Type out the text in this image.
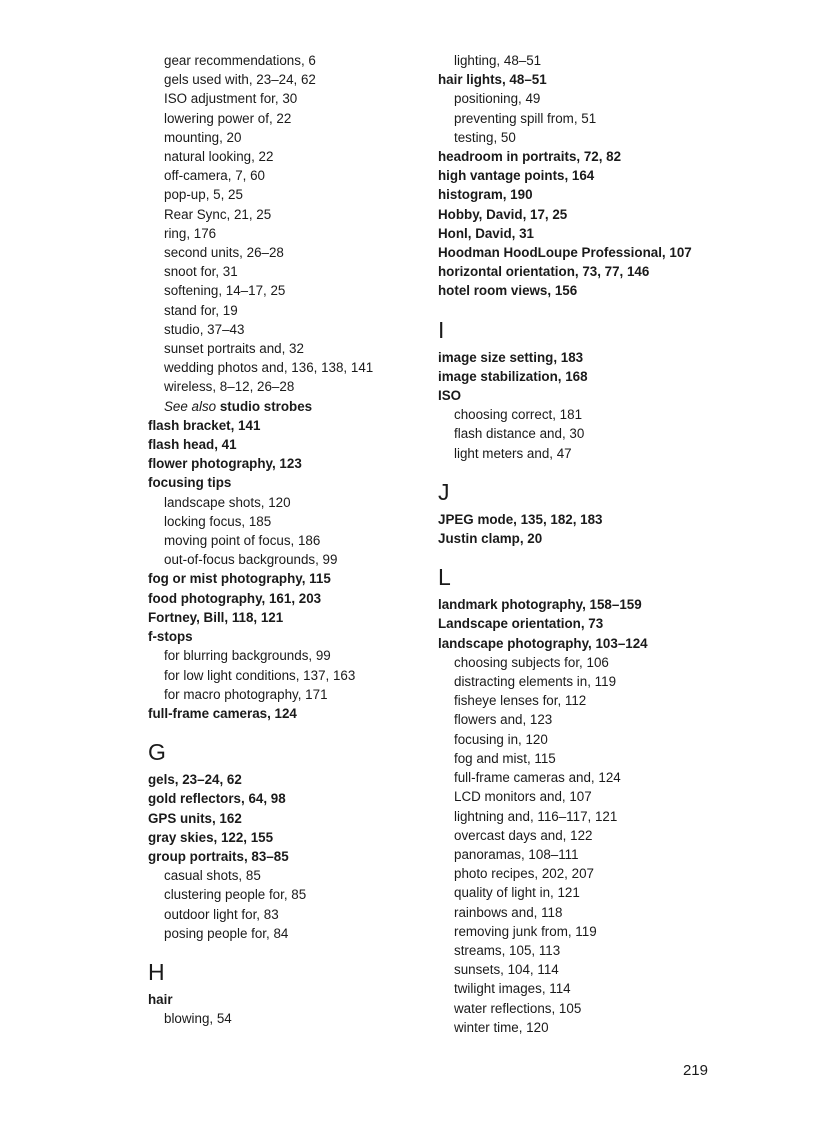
gear recommendations, 6
gels used with, 23–24, 62
ISO adjustment for, 30
lowering power of, 22
mounting, 20
natural looking, 22
off-camera, 7, 60
pop-up, 5, 25
Rear Sync, 21, 25
ring, 176
second units, 26–28
snoot for, 31
softening, 14–17, 25
stand for, 19
studio, 37–43
sunset portraits and, 32
wedding photos and, 136, 138, 141
wireless, 8–12, 26–28
See also studio strobes
flash bracket, 141
flash head, 41
flower photography, 123
focusing tips
landscape shots, 120
locking focus, 185
moving point of focus, 186
out-of-focus backgrounds, 99
fog or mist photography, 115
food photography, 161, 203
Fortney, Bill, 118, 121
f-stops
for blurring backgrounds, 99
for low light conditions, 137, 163
for macro photography, 171
full-frame cameras, 124
G
gels, 23–24, 62
gold reflectors, 64, 98
GPS units, 162
gray skies, 122, 155
group portraits, 83–85
casual shots, 85
clustering people for, 85
outdoor light for, 83
posing people for, 84
H
hair
blowing, 54
lighting, 48–51
hair lights, 48–51
positioning, 49
preventing spill from, 51
testing, 50
headroom in portraits, 72, 82
high vantage points, 164
histogram, 190
Hobby, David, 17, 25
Honl, David, 31
Hoodman HoodLoupe Professional, 107
horizontal orientation, 73, 77, 146
hotel room views, 156
I
image size setting, 183
image stabilization, 168
ISO
choosing correct, 181
flash distance and, 30
light meters and, 47
J
JPEG mode, 135, 182, 183
Justin clamp, 20
L
landmark photography, 158–159
Landscape orientation, 73
landscape photography, 103–124
choosing subjects for, 106
distracting elements in, 119
fisheye lenses for, 112
flowers and, 123
focusing in, 120
fog and mist, 115
full-frame cameras and, 124
LCD monitors and, 107
lightning and, 116–117, 121
overcast days and, 122
panoramas, 108–111
photo recipes, 202, 207
quality of light in, 121
rainbows and, 118
removing junk from, 119
streams, 105, 113
sunsets, 104, 114
twilight images, 114
water reflections, 105
winter time, 120
219
